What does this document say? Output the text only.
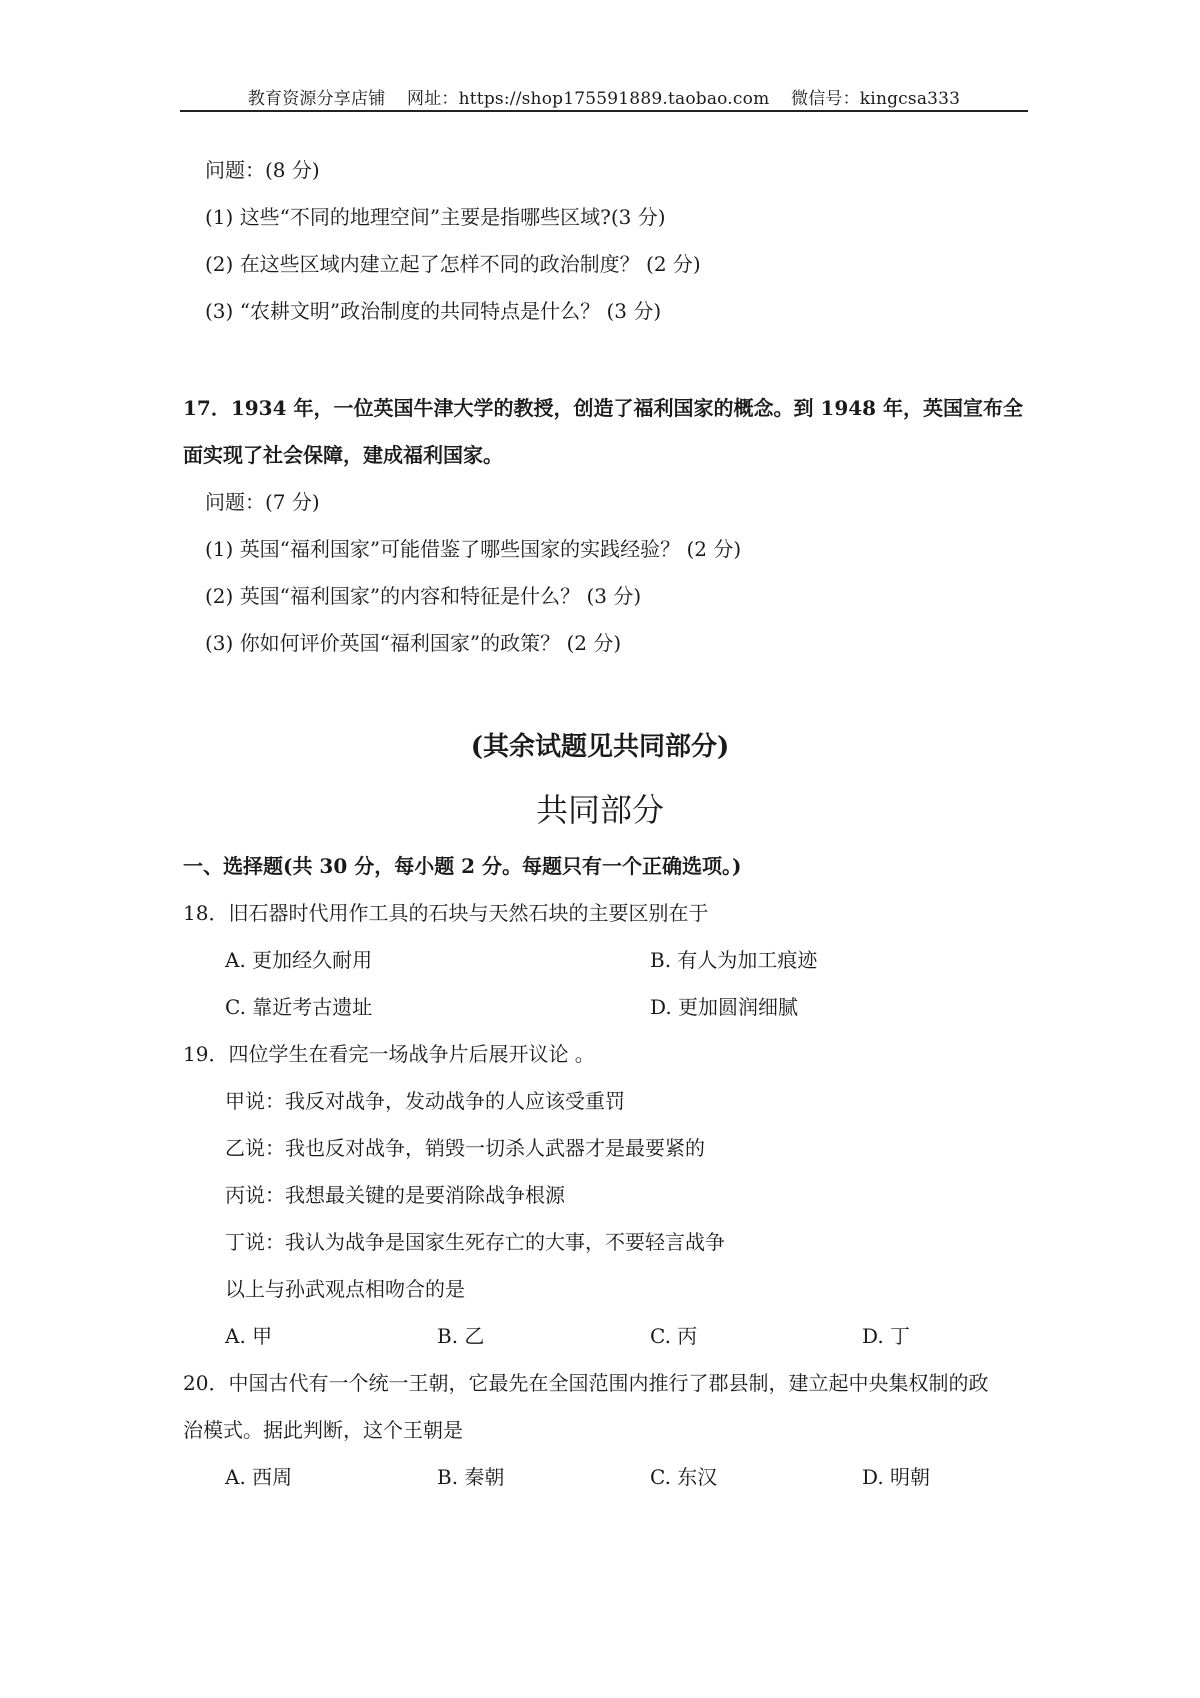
教育资源分享店铺 网址：https://shop175591889.taobao.com 微信号：kingcsa333
问题：(8 分)
(1) 这些“不同的地理空间”主要是指哪些区域?(3 分)
(2) 在这些区域内建立起了怎样不同的政治制度？ (2 分)
(3) “农耕文明”政治制度的共同特点是什么？ (3 分)
17．1934 年，一位英国牛津大学的教授，创造了福利国家的概念。到 1948 年，英国宣布全
面实现了社会保障，建成福利国家。
问题：(7 分)
(1) 英国“福利国家”可能借鉴了哪些国家的实践经验？ (2 分)
(2) 英国“福利国家”的内容和特征是什么？ (3 分)
(3) 你如何评价英国“福利国家”的政策？ (2 分)
(其余试题见共同部分)
共同部分
一、选择题(共 30 分，每小题 2 分。每题只有一个正确选项。)
18．旧石器时代用作工具的石块与天然石块的主要区别在于
A. 更加经久耐用	B. 有人为加工痕迹
C. 靠近考古遗址	D. 更加圆润细腻
19．四位学生在看完一场战争片后展开议论 。
甲说：我反对战争，发动战争的人应该受重罚
乙说：我也反对战争，销毁一切杀人武器才是最要紧的
丙说：我想最关键的是要消除战争根源
丁说：我认为战争是国家生死存亡的大事，不要轻言战争
以上与孙武观点相吻合的是
A. 甲	B. 乙	C. 丙	D. 丁
20．中国古代有一个统一王朝，它最先在全国范围内推行了郡县制，建立起中央集权制的政
治模式。据此判断，这个王朝是
A. 西周	B. 秦朝	C. 东汉	D. 明朝
